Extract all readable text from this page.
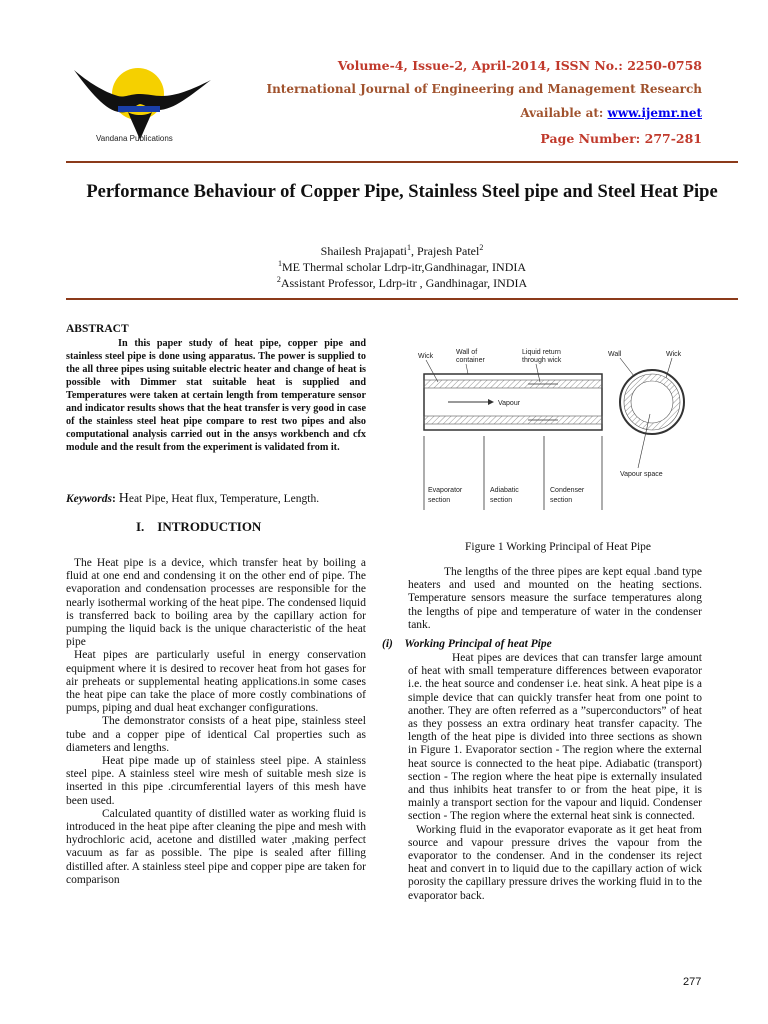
Vandana Publications
Volume-4, Issue-2, April-2014, ISSN No.: 2250-0758
International Journal of Engineering and Management Research
Available at: www.ijemr.net
Page Number: 277-281
Performance Behaviour of Copper Pipe, Stainless Steel pipe and Steel Heat Pipe
Shailesh Prajapati$^1$, Prajesh Patel$^2$
$^1$ME Thermal scholar Ldrp-itr,Gandhinagar, INDIA
$^2$Assistant Professor, Ldrp-itr , Gandhinagar, INDIA
ABSTRACT

In this paper study of heat pipe, copper pipe and stainless steel pipe is done using apparatus. The power is supplied to the all three pipes using suitable electric heater and change of heat is possible with Dimmer stat suitable heat is supplied and Temperatures were taken at certain length from temperature sensor and indicator results shows that the heat transfer is very good in case of the stainless steel heat pipe compare to rest two pipes and also computational analysis carried out in the ansys workbench and cfx module and the result from the experiment is validated from it.

Keywords: Heat Pipe, Heat flux, Temperature, Length.
I.    INTRODUCTION

The Heat pipe is a device, which transfer heat by boiling a fluid at one end and condensing it on the other end of pipe. The evaporation and condensation processes are responsible for the nearly isothermal working of the heat pipe. The condensed liquid is transferred back to boiling area by the capillary action for pumping the liquid back is the unique characteristic of the heat pipe

Heat pipes are particularly useful in energy conservation equipment where it is desired to recover heat from hot gases for air preheats or supplemental heating applications.in some cases the heat pipe can take the place of more costly combinations of pumps, piping and dual heat exchanger configurations.

The demonstrator consists of a heat pipe, stainless steel tube and a copper pipe of identical Cal properties such as diameters and lengths.

Heat pipe made up of stainless steel pipe. A stainless steel pipe. A stainless steel wire mesh of suitable mesh size is inserted in this pipe .circumferential layers of this mesh have been used.

Calculated quantity of distilled water as working fluid is introduced in the heat pipe after cleaning the pipe and mesh with hydrochloric acid, acetone and distilled water ,making perfect vacuum as far as possible. The pipe is sealed after filling distilled after. A stainless steel pipe and copper pipe are taken for comparison

Vapour
Wick
Wall of
container
Liquid return
through wick
Evaporator
section
Adiabatic
section
Condenser
section
Wall	Wick
Vapour space
Figure 1 Working Principal of Heat Pipe

The lengths of the three pipes are kept equal .band type heaters and used and mounted on the heating sections. Temperature sensors measure the surface temperatures along the lengths of pipe and temperature of water in the condenser tank.

(i)    Working Principal of heat Pipe

Heat pipes are devices that can transfer large amount of heat with small temperature differences between evaporator i.e. the heat source and condenser i.e. heat sink. A heat pipe is a simple device that can quickly transfer heat from one point to another. They are often referred as a ”superconductors” of heat as they possess an extra ordinary heat transfer capacity. The length of the heat pipe is divided into three sections as shown in Figure 1. Evaporator section - The region where the external heat source is connected to the heat pipe. Adiabatic (transport) section - The region where the heat pipe is externally insulated and thus inhibits heat transfer to or from the heat pipe, it is mainly a transport section for the vapour and liquid. Condenser section - The region where the external heat sink is connected.

Working fluid in the evaporator evaporate as it get heat from source and vapour pressure drives the vapour from the evaporator to the condenser. And in the condenser its reject heat and convert in to liquid due to the capillary action of wick porosity the capillary pressure drives the working fluid in to the evaporator back.

277
